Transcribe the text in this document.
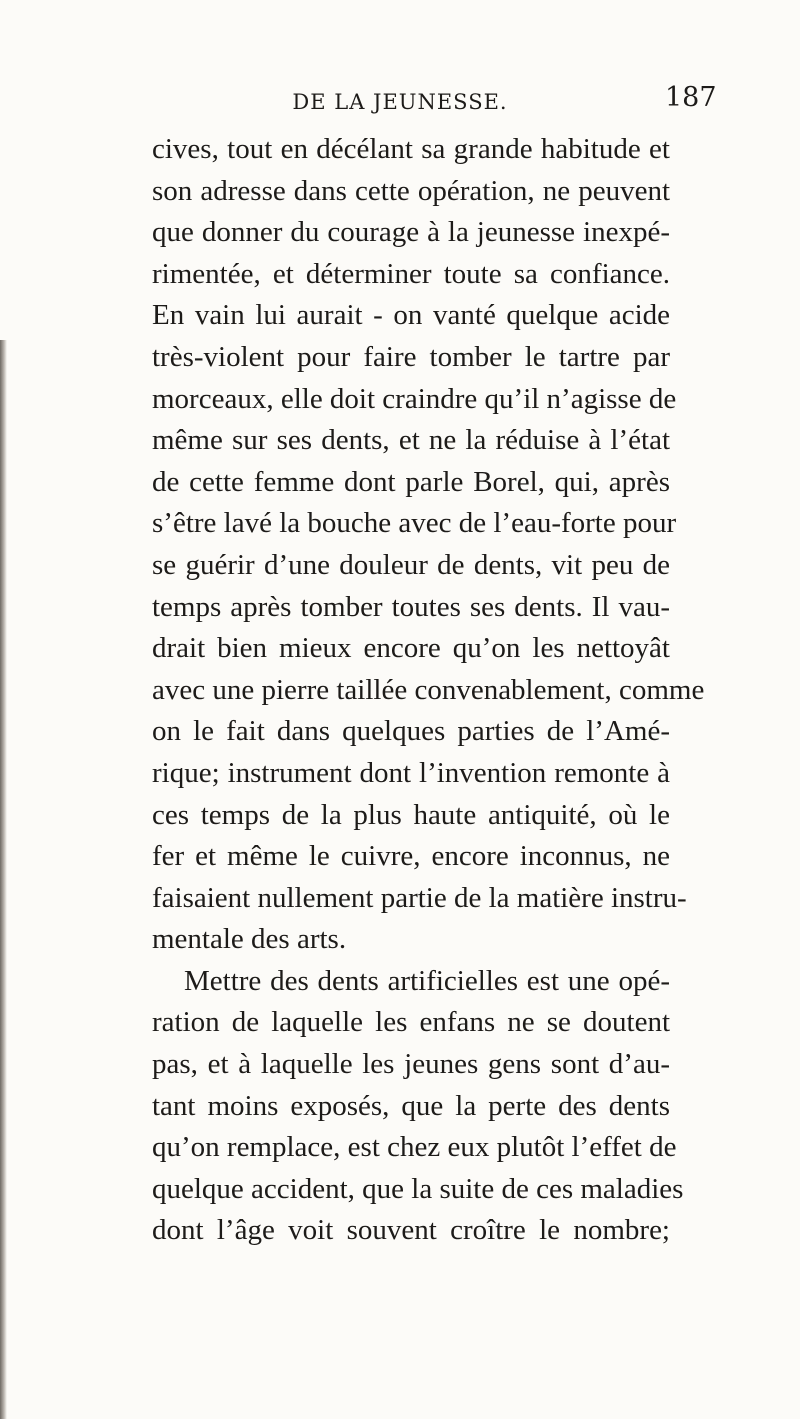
DE LA JEUNESSE.	187
cives, tout en décélant sa grande habitude et
son adresse dans cette opération, ne peuvent
que donner du courage à la jeunesse inexpé-
rimentée, et déterminer toute sa confiance.
En vain lui aurait - on vanté quelque acide
très-violent pour faire tomber le tartre par
morceaux, elle doit craindre qu’il n’agisse de
même sur ses dents, et ne la réduise à l’état
de cette femme dont parle Borel, qui, après
s’être lavé la bouche avec de l’eau-forte pour
se guérir d’une douleur de dents, vit peu de
temps après tomber toutes ses dents. Il vau-
drait bien mieux encore qu’on les nettoyât
avec une pierre taillée convenablement, comme
on le fait dans quelques parties de l’Amé-
rique; instrument dont l’invention remonte à
ces temps de la plus haute antiquité, où le
fer et même le cuivre, encore inconnus, ne
faisaient nullement partie de la matière instru-
mentale des arts.
Mettre des dents artificielles est une opé-
ration de laquelle les enfans ne se doutent
pas, et à laquelle les jeunes gens sont d’au-
tant moins exposés, que la perte des dents
qu’on remplace, est chez eux plutôt l’effet de
quelque accident, que la suite de ces maladies
dont l’âge voit souvent croître le nombre;
